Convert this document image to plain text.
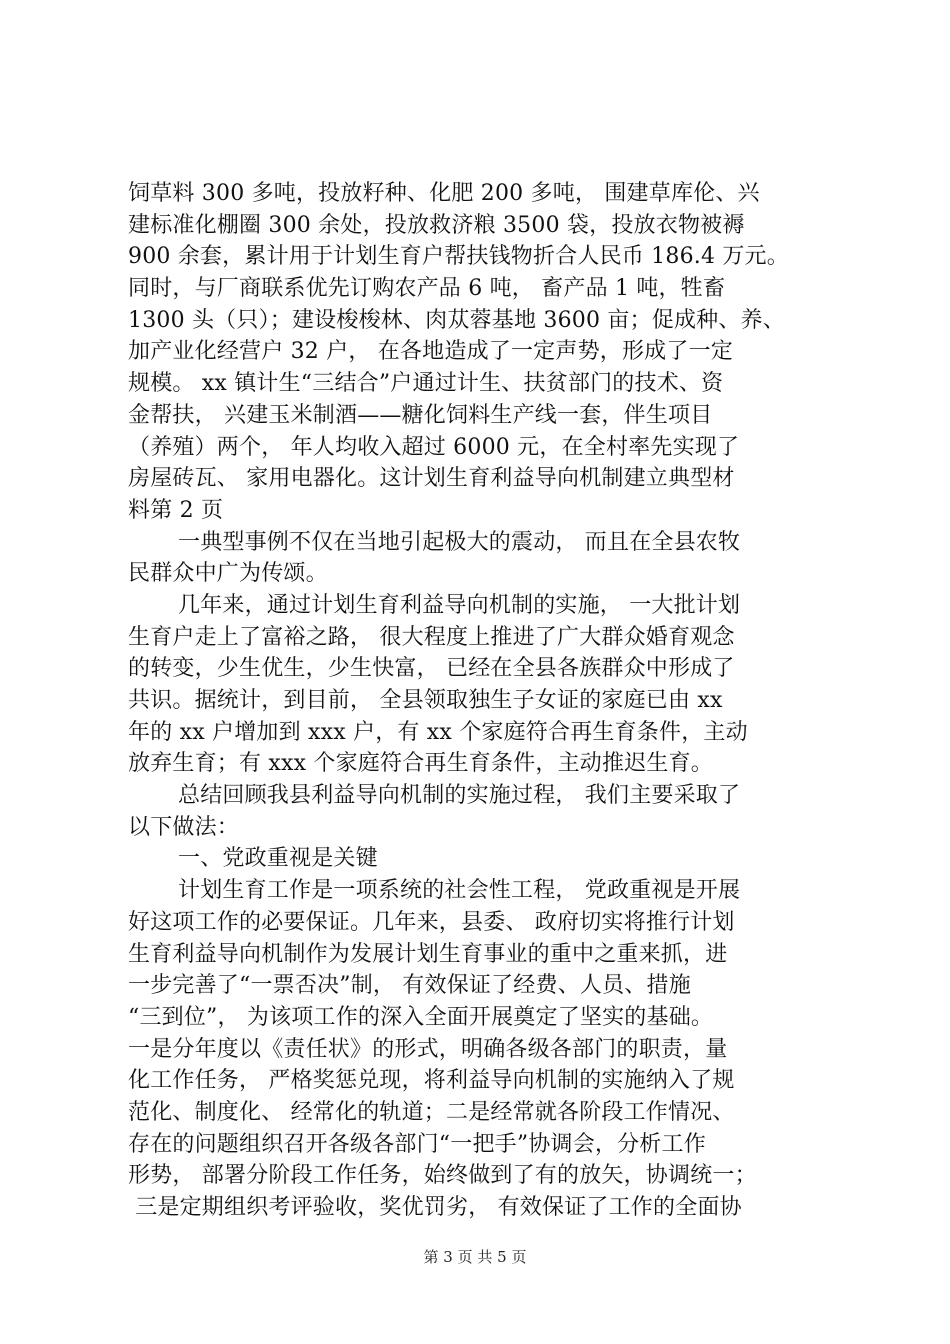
饲草料 300 多吨，投放籽种、化肥 200 多吨， 围建草库伦、兴
建标准化棚圈 300 余处，投放救济粮 3500 袋，投放衣物被褥
900 余套，累计用于计划生育户帮扶钱物折合人民币 186.4 万元。
同时，与厂商联系优先订购农产品 6 吨， 畜产品 1 吨，牲畜
1300 头（只）；建设梭梭林、肉苁蓉基地 3600 亩；促成种、养、
加产业化经营户 32 户， 在各地造成了一定声势，形成了一定
规模。 xx 镇计生“三结合”户通过计生、扶贫部门的技术、资
金帮扶， 兴建玉米制酒——糖化饲料生产线一套，伴生项目
（养殖）两个， 年人均收入超过 6000 元，在全村率先实现了
房屋砖瓦、 家用电器化。这计划生育利益导向机制建立典型材
料第 2 页
一典型事例不仅在当地引起极大的震动， 而且在全县农牧
民群众中广为传颂。
几年来，通过计划生育利益导向机制的实施， 一大批计划
生育户走上了富裕之路， 很大程度上推进了广大群众婚育观念
的转变，少生优生，少生快富， 已经在全县各族群众中形成了
共识。据统计，到目前， 全县领取独生子女证的家庭已由 xx
年的 xx 户增加到 xxx 户，有 xx 个家庭符合再生育条件，主动
放弃生育；有 xxx 个家庭符合再生育条件，主动推迟生育。
总结回顾我县利益导向机制的实施过程， 我们主要采取了
以下做法：
一、党政重视是关键
计划生育工作是一项系统的社会性工程， 党政重视是开展
好这项工作的必要保证。几年来，县委、 政府切实将推行计划
生育利益导向机制作为发展计划生育事业的重中之重来抓，进
一步完善了“一票否决”制， 有效保证了经费、人员、措施
“三到位”， 为该项工作的深入全面开展奠定了坚实的基础。
一是分年度以《责任状》的形式，明确各级各部门的职责，量
化工作任务， 严格奖惩兑现，将利益导向机制的实施纳入了规
范化、制度化、 经常化的轨道；二是经常就各阶段工作情况、
存在的问题组织召开各级各部门“一把手”协调会，分析工作
形势， 部署分阶段工作任务，始终做到了有的放矢，协调统一；
三是定期组织考评验收，奖优罚劣， 有效保证了工作的全面协
第 3 页 共 5 页
